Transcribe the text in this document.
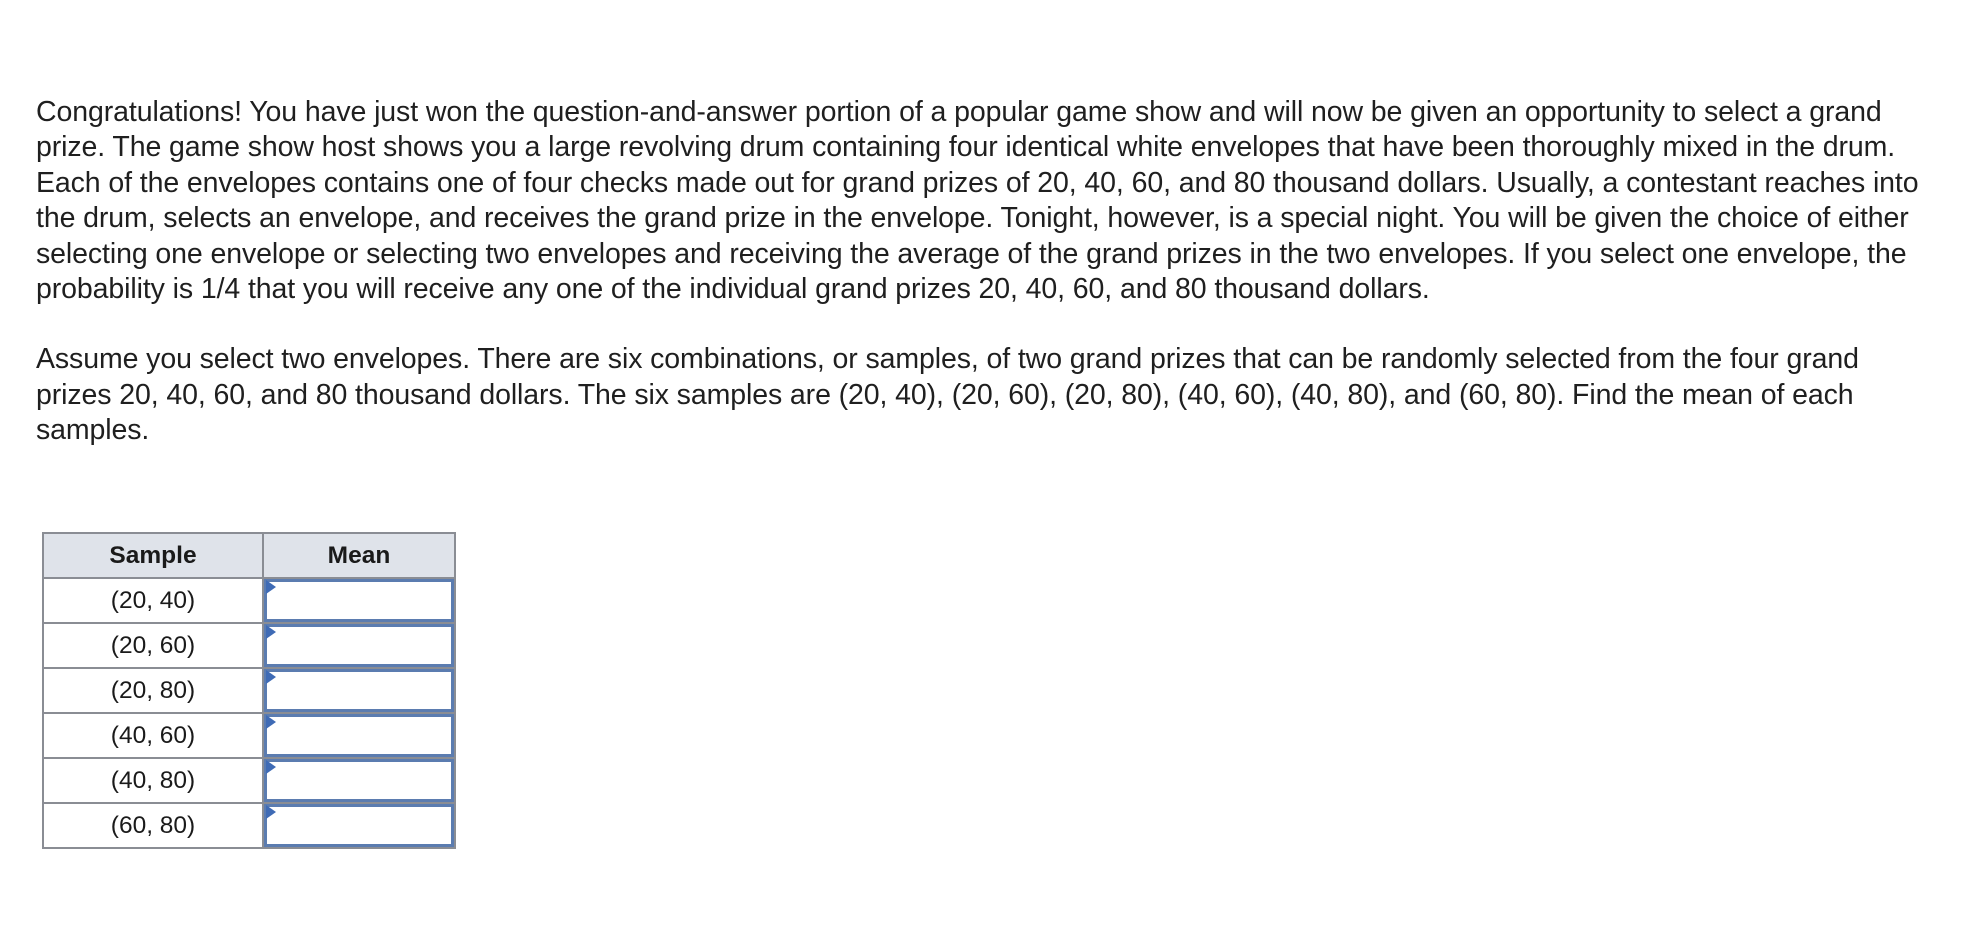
Congratulations! You have just won the question-and-answer portion of a popular game show and will now be given an opportunity to select a grand prize. The game show host shows you a large revolving drum containing four identical white envelopes that have been thoroughly mixed in the drum. Each of the envelopes contains one of four checks made out for grand prizes of 20, 40, 60, and 80 thousand dollars. Usually, a contestant reaches into the drum, selects an envelope, and receives the grand prize in the envelope. Tonight, however, is a special night. You will be given the choice of either selecting one envelope or selecting two envelopes and receiving the average of the grand prizes in the two envelopes. If you select one envelope, the probability is 1/4 that you will receive any one of the individual grand prizes 20, 40, 60, and 80 thousand dollars.

Assume you select two envelopes. There are six combinations, or samples, of two grand prizes that can be randomly selected from the four grand prizes 20, 40, 60, and 80 thousand dollars. The six samples are (20, 40), (20, 60), (20, 80), (40, 60), (40, 80), and (60, 80). Find the mean of each samples.

Sample	Mean
(20, 40)	

(20, 60)	

(20, 80)	

(40, 60)	

(40, 80)	

(60, 80)	
